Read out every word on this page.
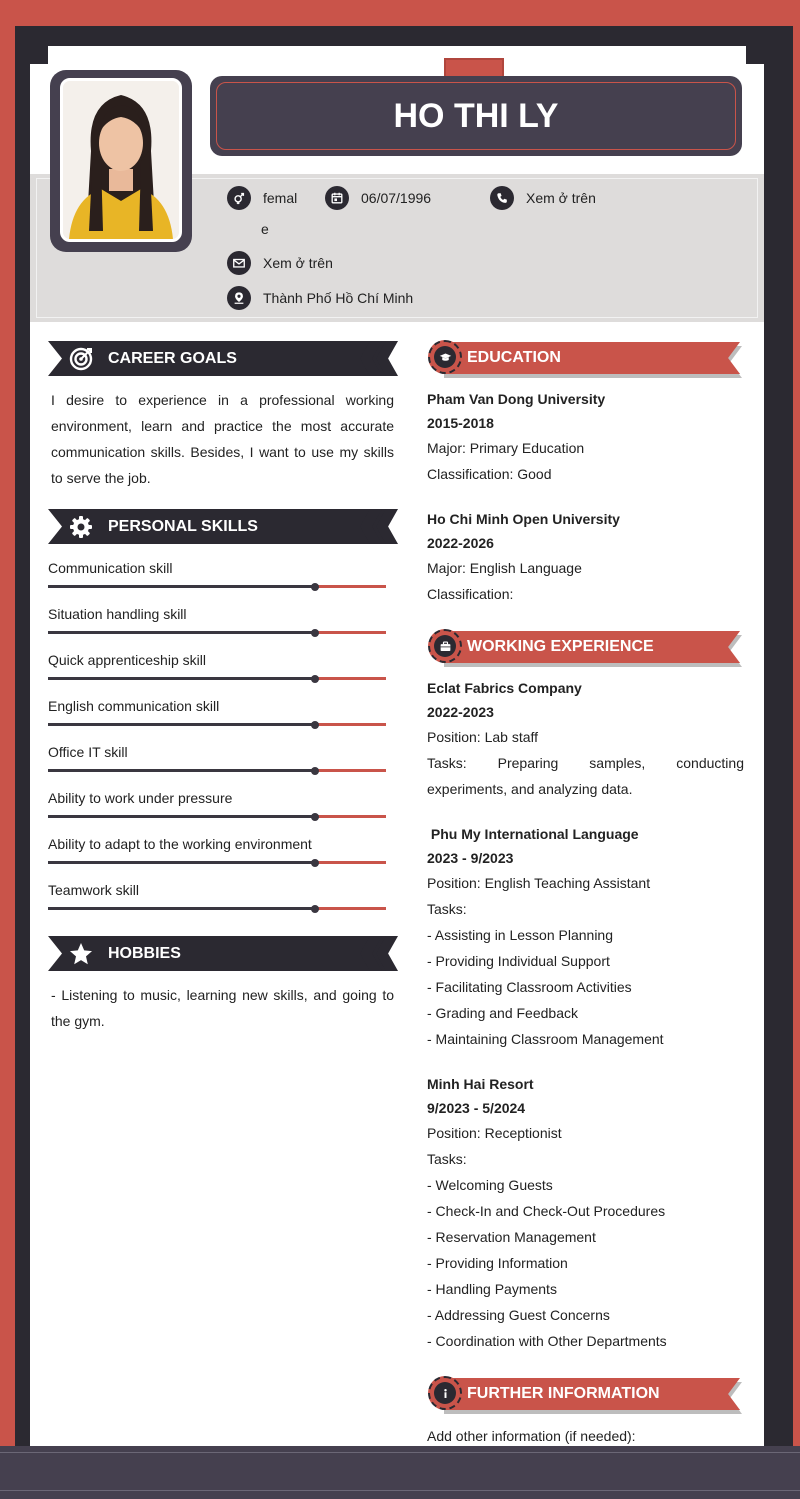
HO THI LY
femal
e
06/07/1996	Xem ở trên
Xem ở trên
Thành Phố Hồ Chí Minh
CAREER GOALS
I desire to experience in a professional working environment, learn and practice the most accurate communication skills. Besides, I want to use my skills to serve the job.
PERSONAL SKILLS
Communication skill
Situation handling skill
Quick apprenticeship skill
English communication skill
Office IT skill
Ability to work under pressure
Ability to adapt to the working environment
Teamwork skill
HOBBIES
- Listening to music, learning new skills, and going to the gym.
EDUCATION
Pham Van Dong University
2015-2018
Major: Primary Education
Classification: Good
Ho Chi Minh Open University
2022-2026
Major: English Language
Classification:
WORKING EXPERIENCE
Eclat Fabrics Company
2022-2023
Position: Lab staff
Tasks: Preparing samples, conducting experiments, and analyzing data.
Phu My International Language
2023 - 9/2023
Position: English Teaching Assistant
Tasks:
- Assisting in Lesson Planning
- Providing Individual Support
- Facilitating Classroom Activities
- Grading and Feedback
- Maintaining Classroom Management
Minh Hai Resort
9/2023 - 5/2024
Position: Receptionist
Tasks:
- Welcoming Guests
- Check-In and Check-Out Procedures
- Reservation Management
- Providing Information
- Handling Payments
- Addressing Guest Concerns
- Coordination with Other Departments
FURTHER INFORMATION
Add other information (if needed):
